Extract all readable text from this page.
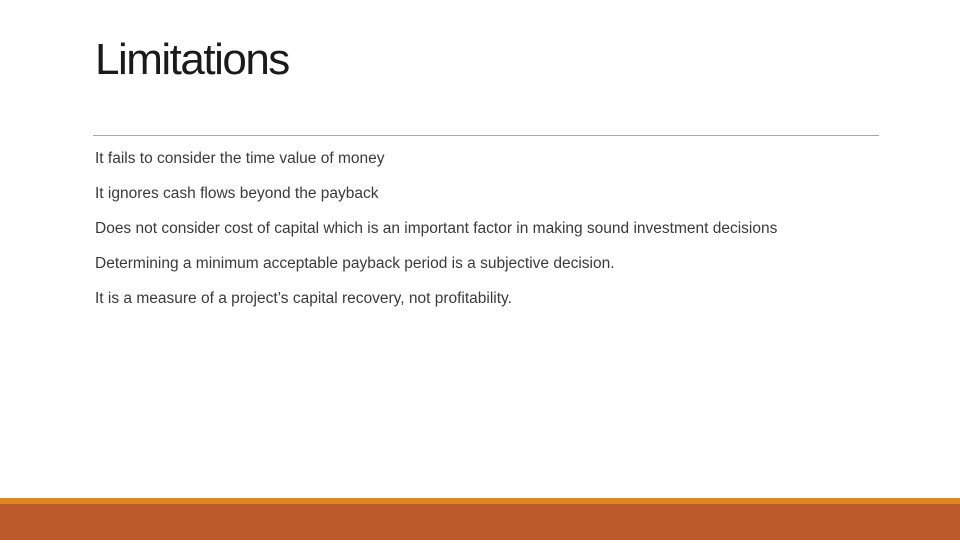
Limitations
It fails to consider the time value of money
It ignores cash flows beyond the payback
Does not consider cost of capital which is an important factor in making sound investment decisions
Determining a minimum acceptable payback period is a subjective decision.
It is a measure of a project’s capital recovery, not profitability.
